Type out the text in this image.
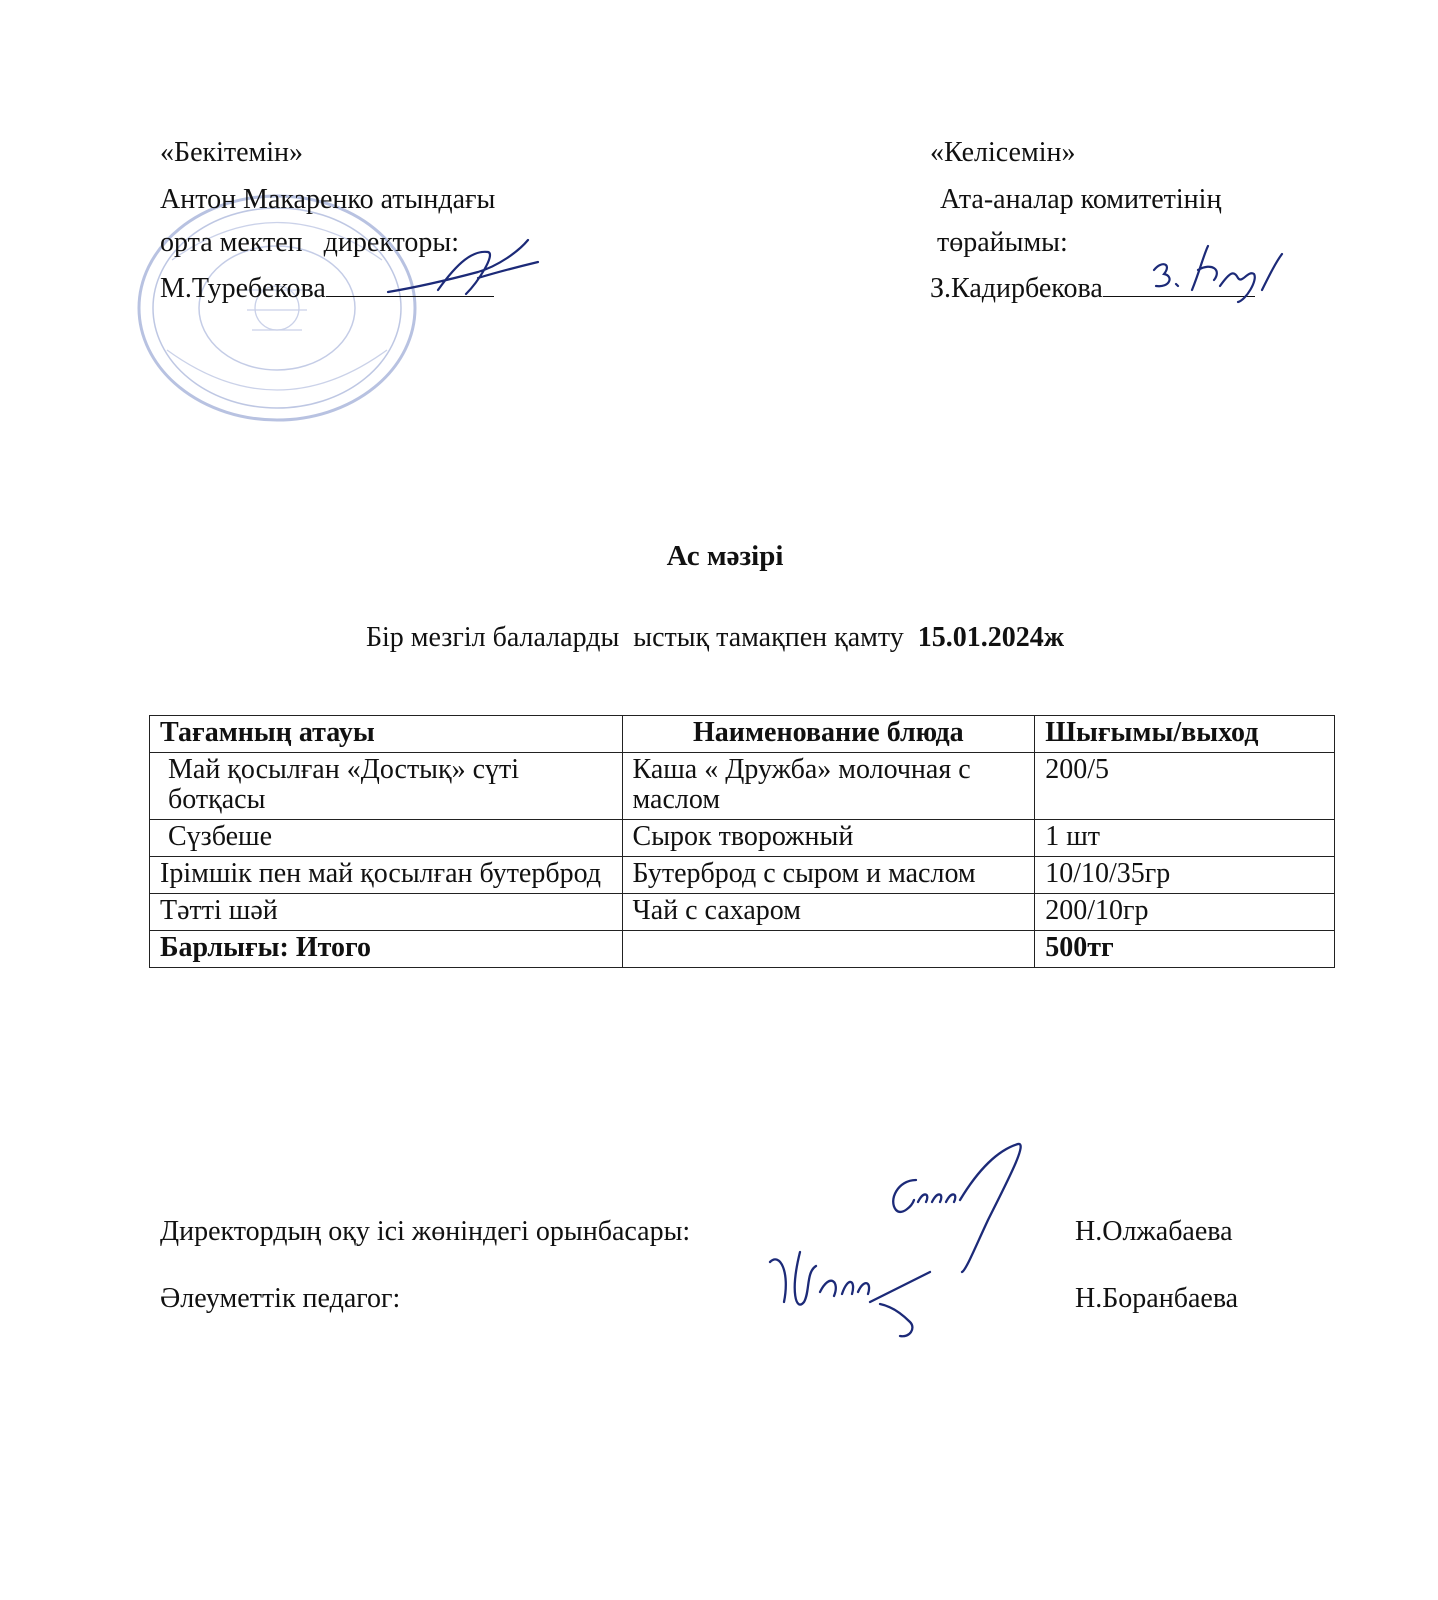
«Бекітемін»
Антон Макаренко атындағы
орта мектеп   директоры:
М.Туребекова
«Келісемін»
Ата-аналар комитетінің
төрайымы:
З.Кадирбекова
Ас мәзірі
Бір мезгіл балаларды  ыстық тамақпен қамту  15.01.2024ж
Тағамның атауы	Наименование блюда	Шығымы/выход
Май қосылған «Достық» сүті ботқасы	Каша « Дружба» молочная с маслом	200/5
Сүзбеше	Сырок творожный	1 шт
Ірімшік пен май қосылған бутерброд	Бутерброд с сыром и маслом	10/10/35гр
Тәтті шәй	Чай с сахаром	200/10гр
Барлығы: Итого		500тг
Директордың оқу ісі жөніндегі орынбасары:	Н.Олжабаева
Әлеуметтік педагог:	Н.Боранбаева
